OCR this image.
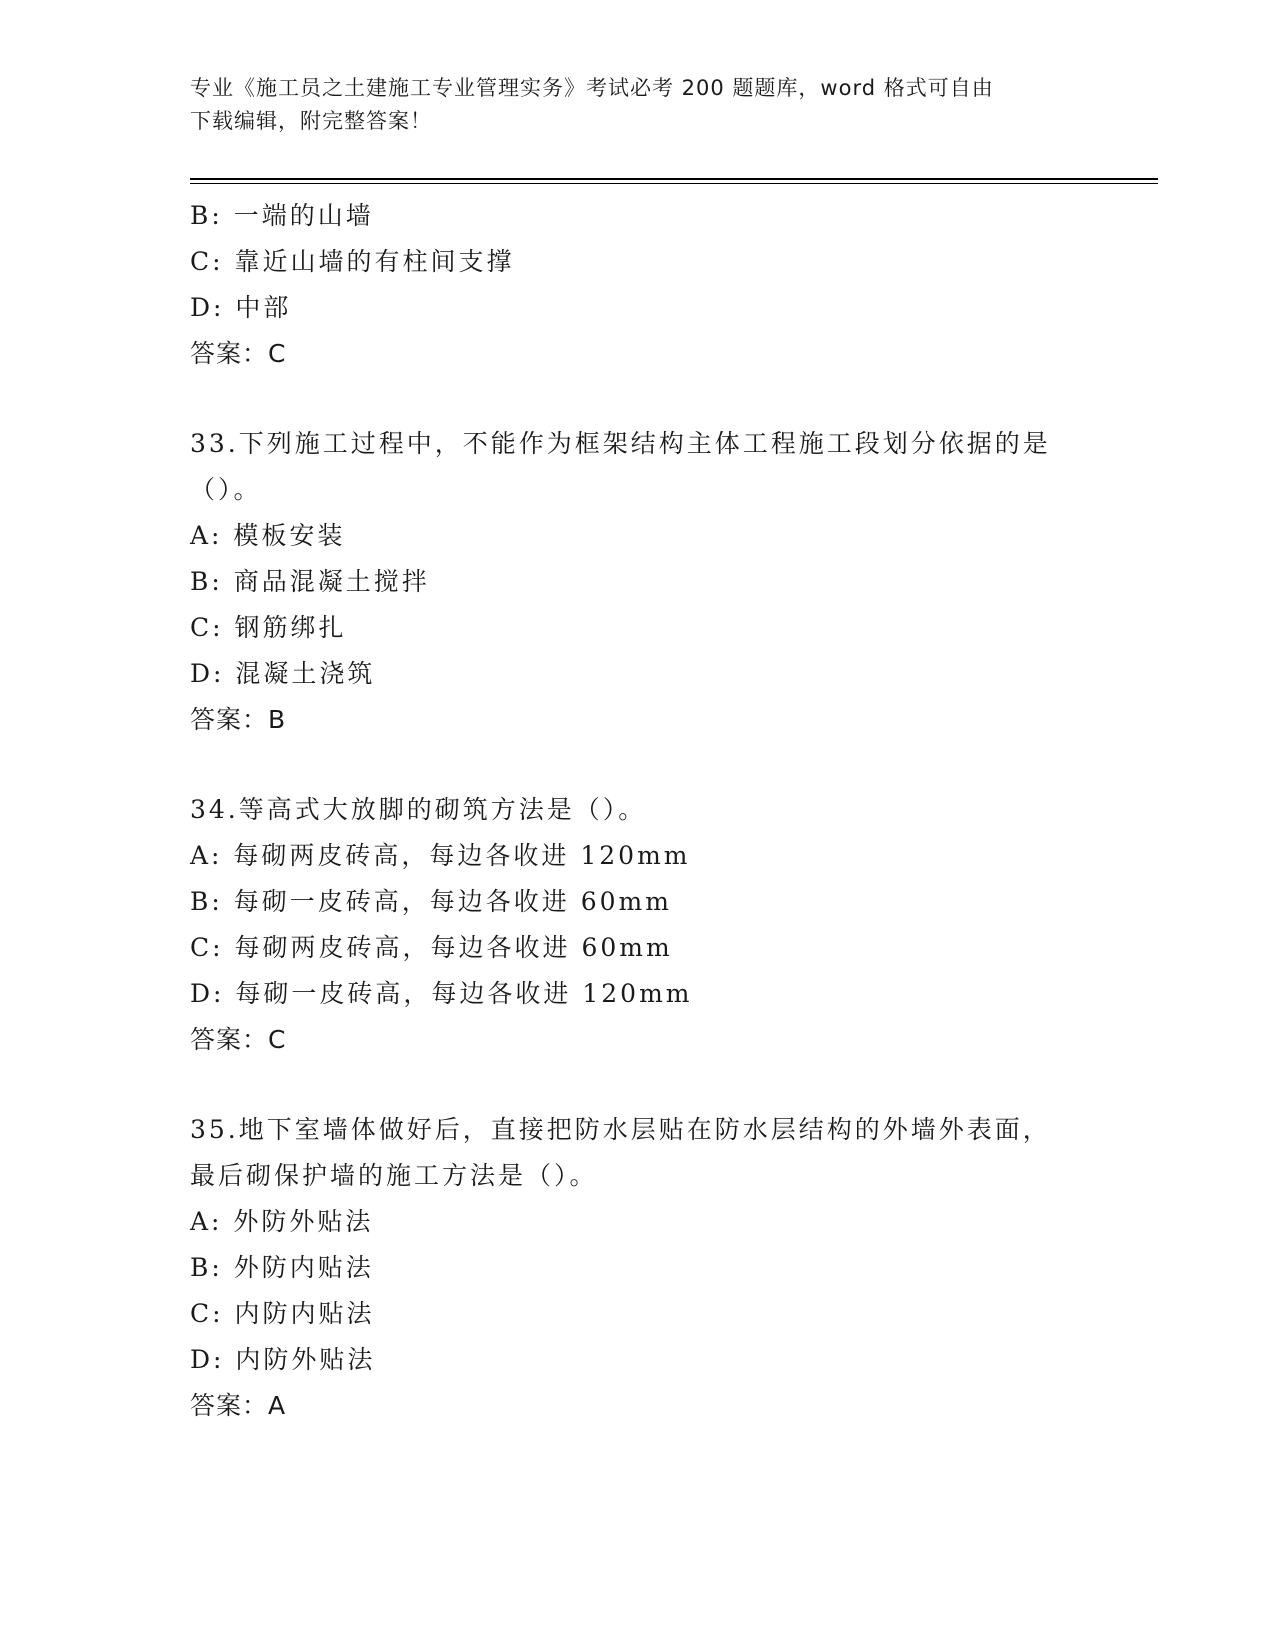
专业《施工员之土建施工专业管理实务》考试必考 200 题题库，word 格式可自由
下载编辑，附完整答案！
B: 一端的山墙
C: 靠近山墙的有柱间支撑
D: 中部
答案：C
33.下列施工过程中，不能作为框架结构主体工程施工段划分依据的是
（）。
A: 模板安装
B: 商品混凝土搅拌
C: 钢筋绑扎
D: 混凝土浇筑
答案：B
34.等高式大放脚的砌筑方法是（）。
A: 每砌两皮砖高，每边各收进 120mm
B: 每砌一皮砖高，每边各收进 60mm
C: 每砌两皮砖高，每边各收进 60mm
D: 每砌一皮砖高，每边各收进 120mm
答案：C
35.地下室墙体做好后，直接把防水层贴在防水层结构的外墙外表面，
最后砌保护墙的施工方法是（）。
A: 外防外贴法
B: 外防内贴法
C: 内防内贴法
D: 内防外贴法
答案：A
